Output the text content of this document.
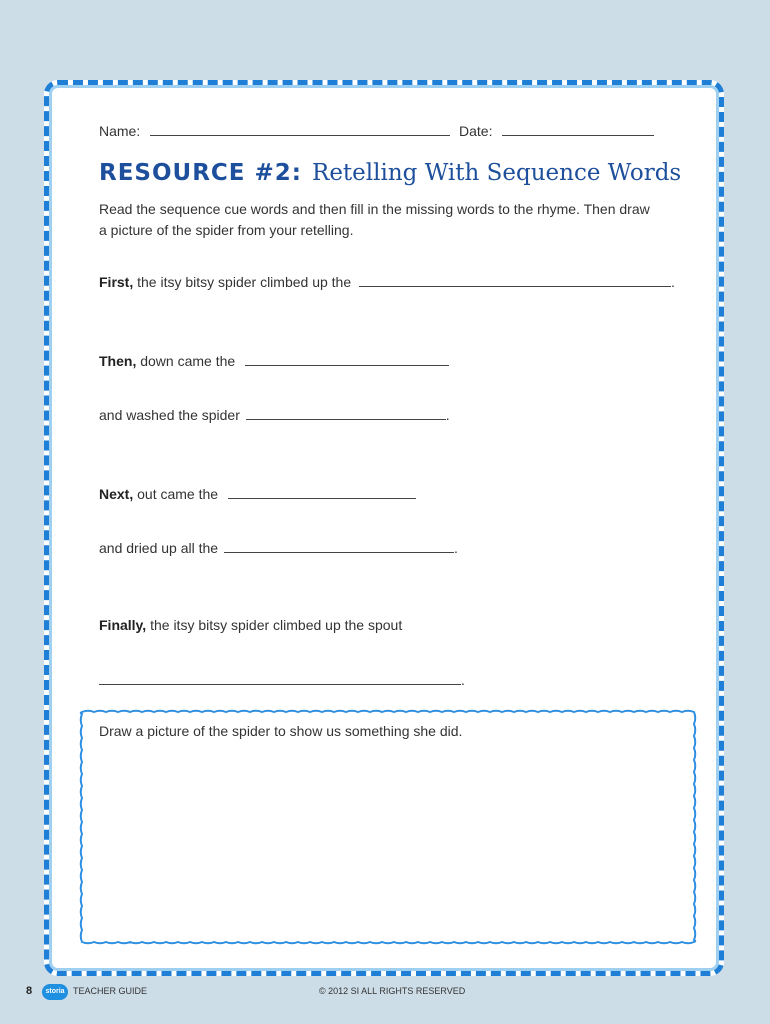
Name:	Date:
RESOURCE #2: Retelling With Sequence Words
Read the sequence cue words and then fill in the missing words to the rhyme. Then draw a picture of the spider from your retelling.
First, the itsy bitsy spider climbed up the	.
Then, down came the
and washed the spider	.
Next, out came the
and dried up all the	.
Finally, the itsy bitsy spider climbed up the spout
.
Draw a picture of the spider to show us something she did.
8	storia TEACHER GUIDE	© 2012 SI ALL RIGHTS RESERVED
